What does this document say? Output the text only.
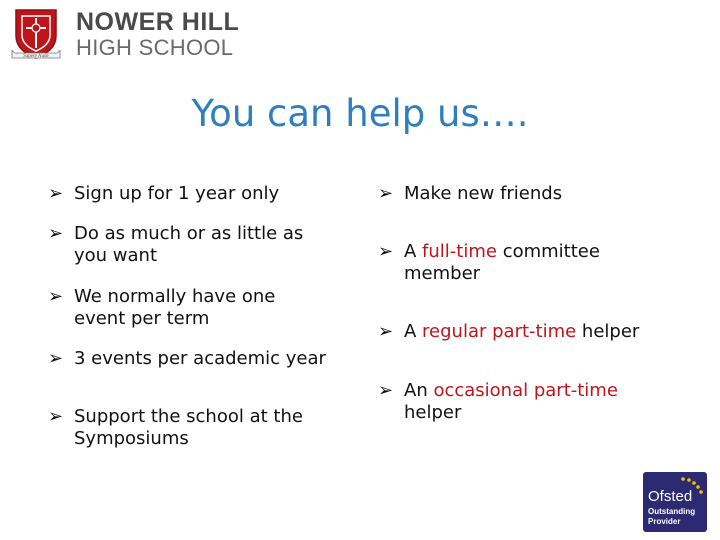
Sapere Aude
NOWER HILL
HIGH SCHOOL
You can help us….
➢ Sign up for 1 year only
➢ Do as much or as little as you want
➢ We normally have one event per term
➢ 3 events per academic year
➢ Support the school at the Symposiums
➢ Make new friends
➢ A full-time committee member
➢ A regular part-time helper
➢ An occasional part-time helper
Ofsted
Outstanding
Provider
